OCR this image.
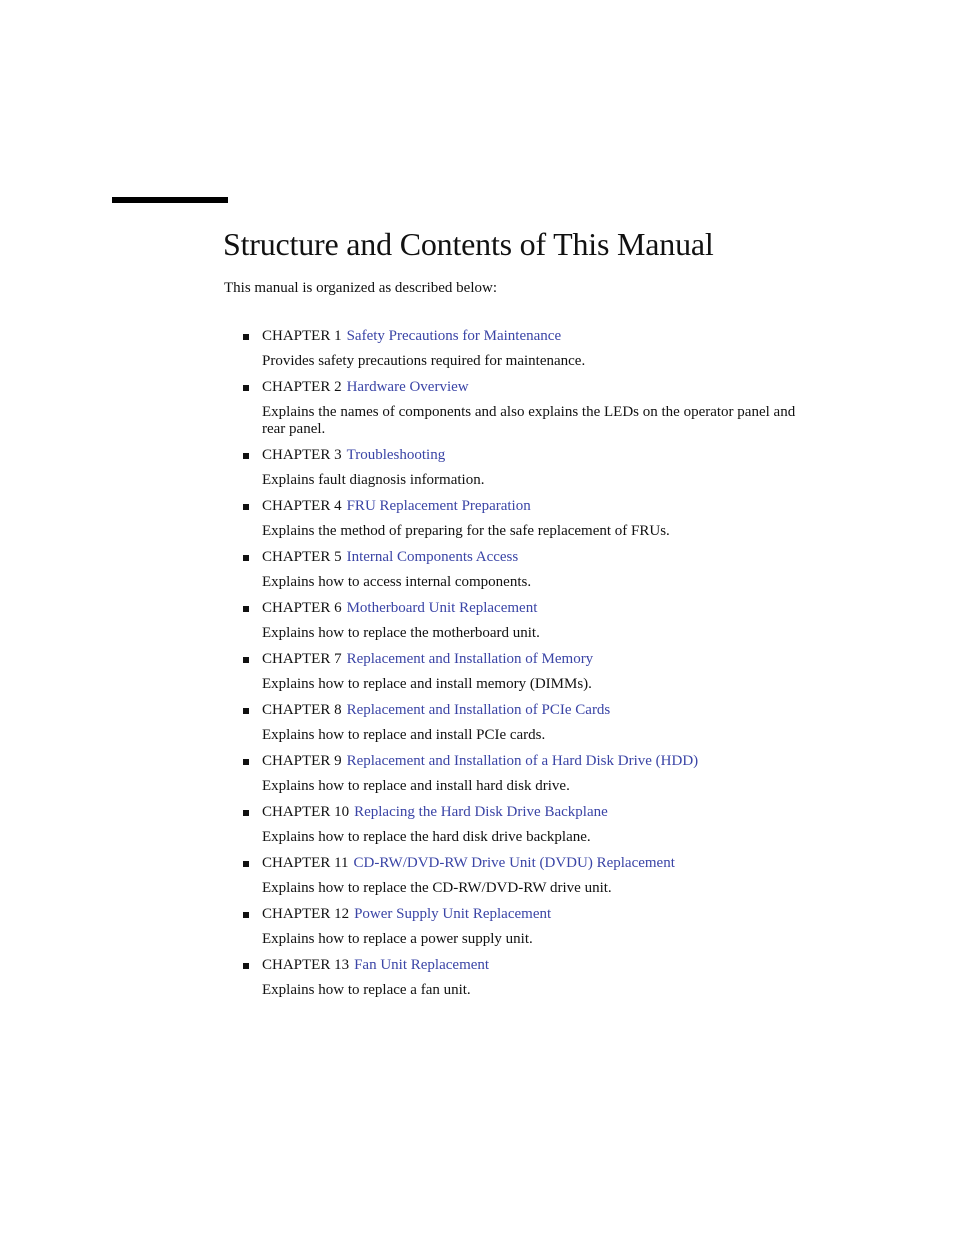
Structure and Contents of This Manual

This manual is organized as described below:

CHAPTER 1 Safety Precautions for Maintenance

Provides safety precautions required for maintenance.

CHAPTER 2 Hardware Overview

Explains the names of components and also explains the LEDs on the operator panel and rear panel.

CHAPTER 3 Troubleshooting

Explains fault diagnosis information.

CHAPTER 4 FRU Replacement Preparation

Explains the method of preparing for the safe replacement of FRUs.

CHAPTER 5 Internal Components Access

Explains how to access internal components.

CHAPTER 6 Motherboard Unit Replacement

Explains how to replace the motherboard unit.

CHAPTER 7 Replacement and Installation of Memory

Explains how to replace and install memory (DIMMs).

CHAPTER 8 Replacement and Installation of PCIe Cards

Explains how to replace and install PCIe cards.

CHAPTER 9 Replacement and Installation of a Hard Disk Drive (HDD)

Explains how to replace and install hard disk drive.

CHAPTER 10 Replacing the Hard Disk Drive Backplane

Explains how to replace the hard disk drive backplane.

CHAPTER 11 CD-RW/DVD-RW Drive Unit (DVDU) Replacement

Explains how to replace the CD-RW/DVD-RW drive unit.

CHAPTER 12 Power Supply Unit Replacement

Explains how to replace a power supply unit.

CHAPTER 13 Fan Unit Replacement

Explains how to replace a fan unit.
